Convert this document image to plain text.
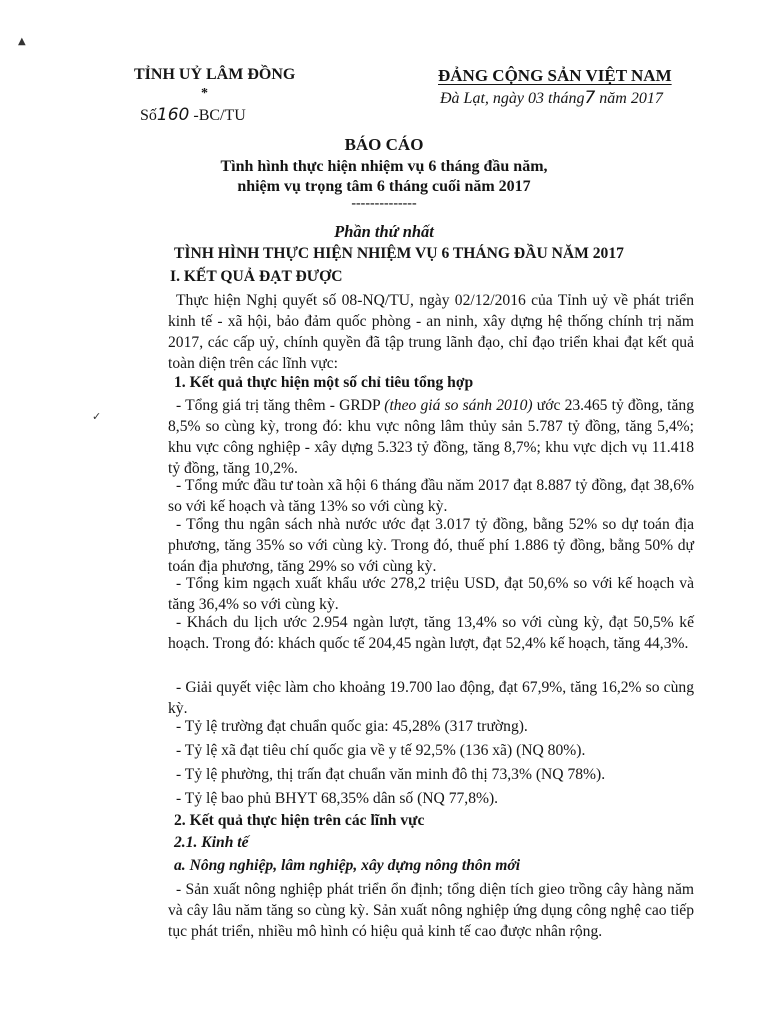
▲
✓
TỈNH UỶ LÂM ĐỒNG
*
Số160 -BC/TU
ĐẢNG CỘNG SẢN VIỆT NAM
Đà Lạt, ngày 03 tháng7 năm 2017
BÁO CÁO
Tình hình thực hiện nhiệm vụ 6 tháng đầu năm,
nhiệm vụ trọng tâm 6 tháng cuối năm 2017
--------------
Phần thứ nhất
TÌNH HÌNH THỰC HIỆN NHIỆM VỤ 6 THÁNG ĐẦU NĂM 2017
I. KẾT QUẢ ĐẠT ĐƯỢC
Thực hiện Nghị quyết số 08-NQ/TU, ngày 02/12/2016 của Tỉnh uỷ về phát triển kinh tế - xã hội, bảo đảm quốc phòng - an ninh, xây dựng hệ thống chính trị năm 2017, các cấp uỷ, chính quyền đã tập trung lãnh đạo, chỉ đạo triển khai đạt kết quả toàn diện trên các lĩnh vực:
1. Kết quả thực hiện một số chỉ tiêu tổng hợp
- Tổng giá trị tăng thêm - GRDP (theo giá so sánh 2010) ước 23.465 tỷ đồng, tăng 8,5% so cùng kỳ, trong đó: khu vực nông lâm thủy sản 5.787 tỷ đồng, tăng 5,4%; khu vực công nghiệp - xây dựng 5.323 tỷ đồng, tăng 8,7%; khu vực dịch vụ 11.418 tỷ đồng, tăng 10,2%.
- Tổng mức đầu tư toàn xã hội 6 tháng đầu năm 2017 đạt 8.887 tỷ đồng, đạt 38,6% so với kế hoạch và tăng 13% so với cùng kỳ.
- Tổng thu ngân sách nhà nước ước đạt 3.017 tỷ đồng, bằng 52% so dự toán địa phương, tăng 35% so với cùng kỳ. Trong đó, thuế phí 1.886 tỷ đồng, bằng 50% dự toán địa phương, tăng 29% so với cùng kỳ.
- Tổng kim ngạch xuất khẩu ước 278,2 triệu USD, đạt 50,6% so với kế hoạch và tăng 36,4% so với cùng kỳ.
- Khách du lịch ước 2.954 ngàn lượt, tăng 13,4% so với cùng kỳ, đạt 50,5% kế hoạch. Trong đó: khách quốc tế 204,45 ngàn lượt, đạt 52,4% kế hoạch, tăng 44,3%.
- Giải quyết việc làm cho khoảng 19.700 lao động, đạt 67,9%, tăng 16,2% so cùng kỳ.
- Tỷ lệ trường đạt chuẩn quốc gia: 45,28% (317 trường).
- Tỷ lệ xã đạt tiêu chí quốc gia về y tế 92,5% (136 xã) (NQ 80%).
- Tỷ lệ phường, thị trấn đạt chuẩn văn minh đô thị 73,3% (NQ 78%).
- Tỷ lệ bao phủ BHYT 68,35% dân số (NQ 77,8%).
2. Kết quả thực hiện trên các lĩnh vực
2.1. Kinh tế
a. Nông nghiệp, lâm nghiệp, xây dựng nông thôn mới
- Sản xuất nông nghiệp phát triển ổn định; tổng diện tích gieo trồng cây hàng năm và cây lâu năm tăng so cùng kỳ. Sản xuất nông nghiệp ứng dụng công nghệ cao tiếp tục phát triển, nhiều mô hình có hiệu quả kinh tế cao được nhân rộng.
